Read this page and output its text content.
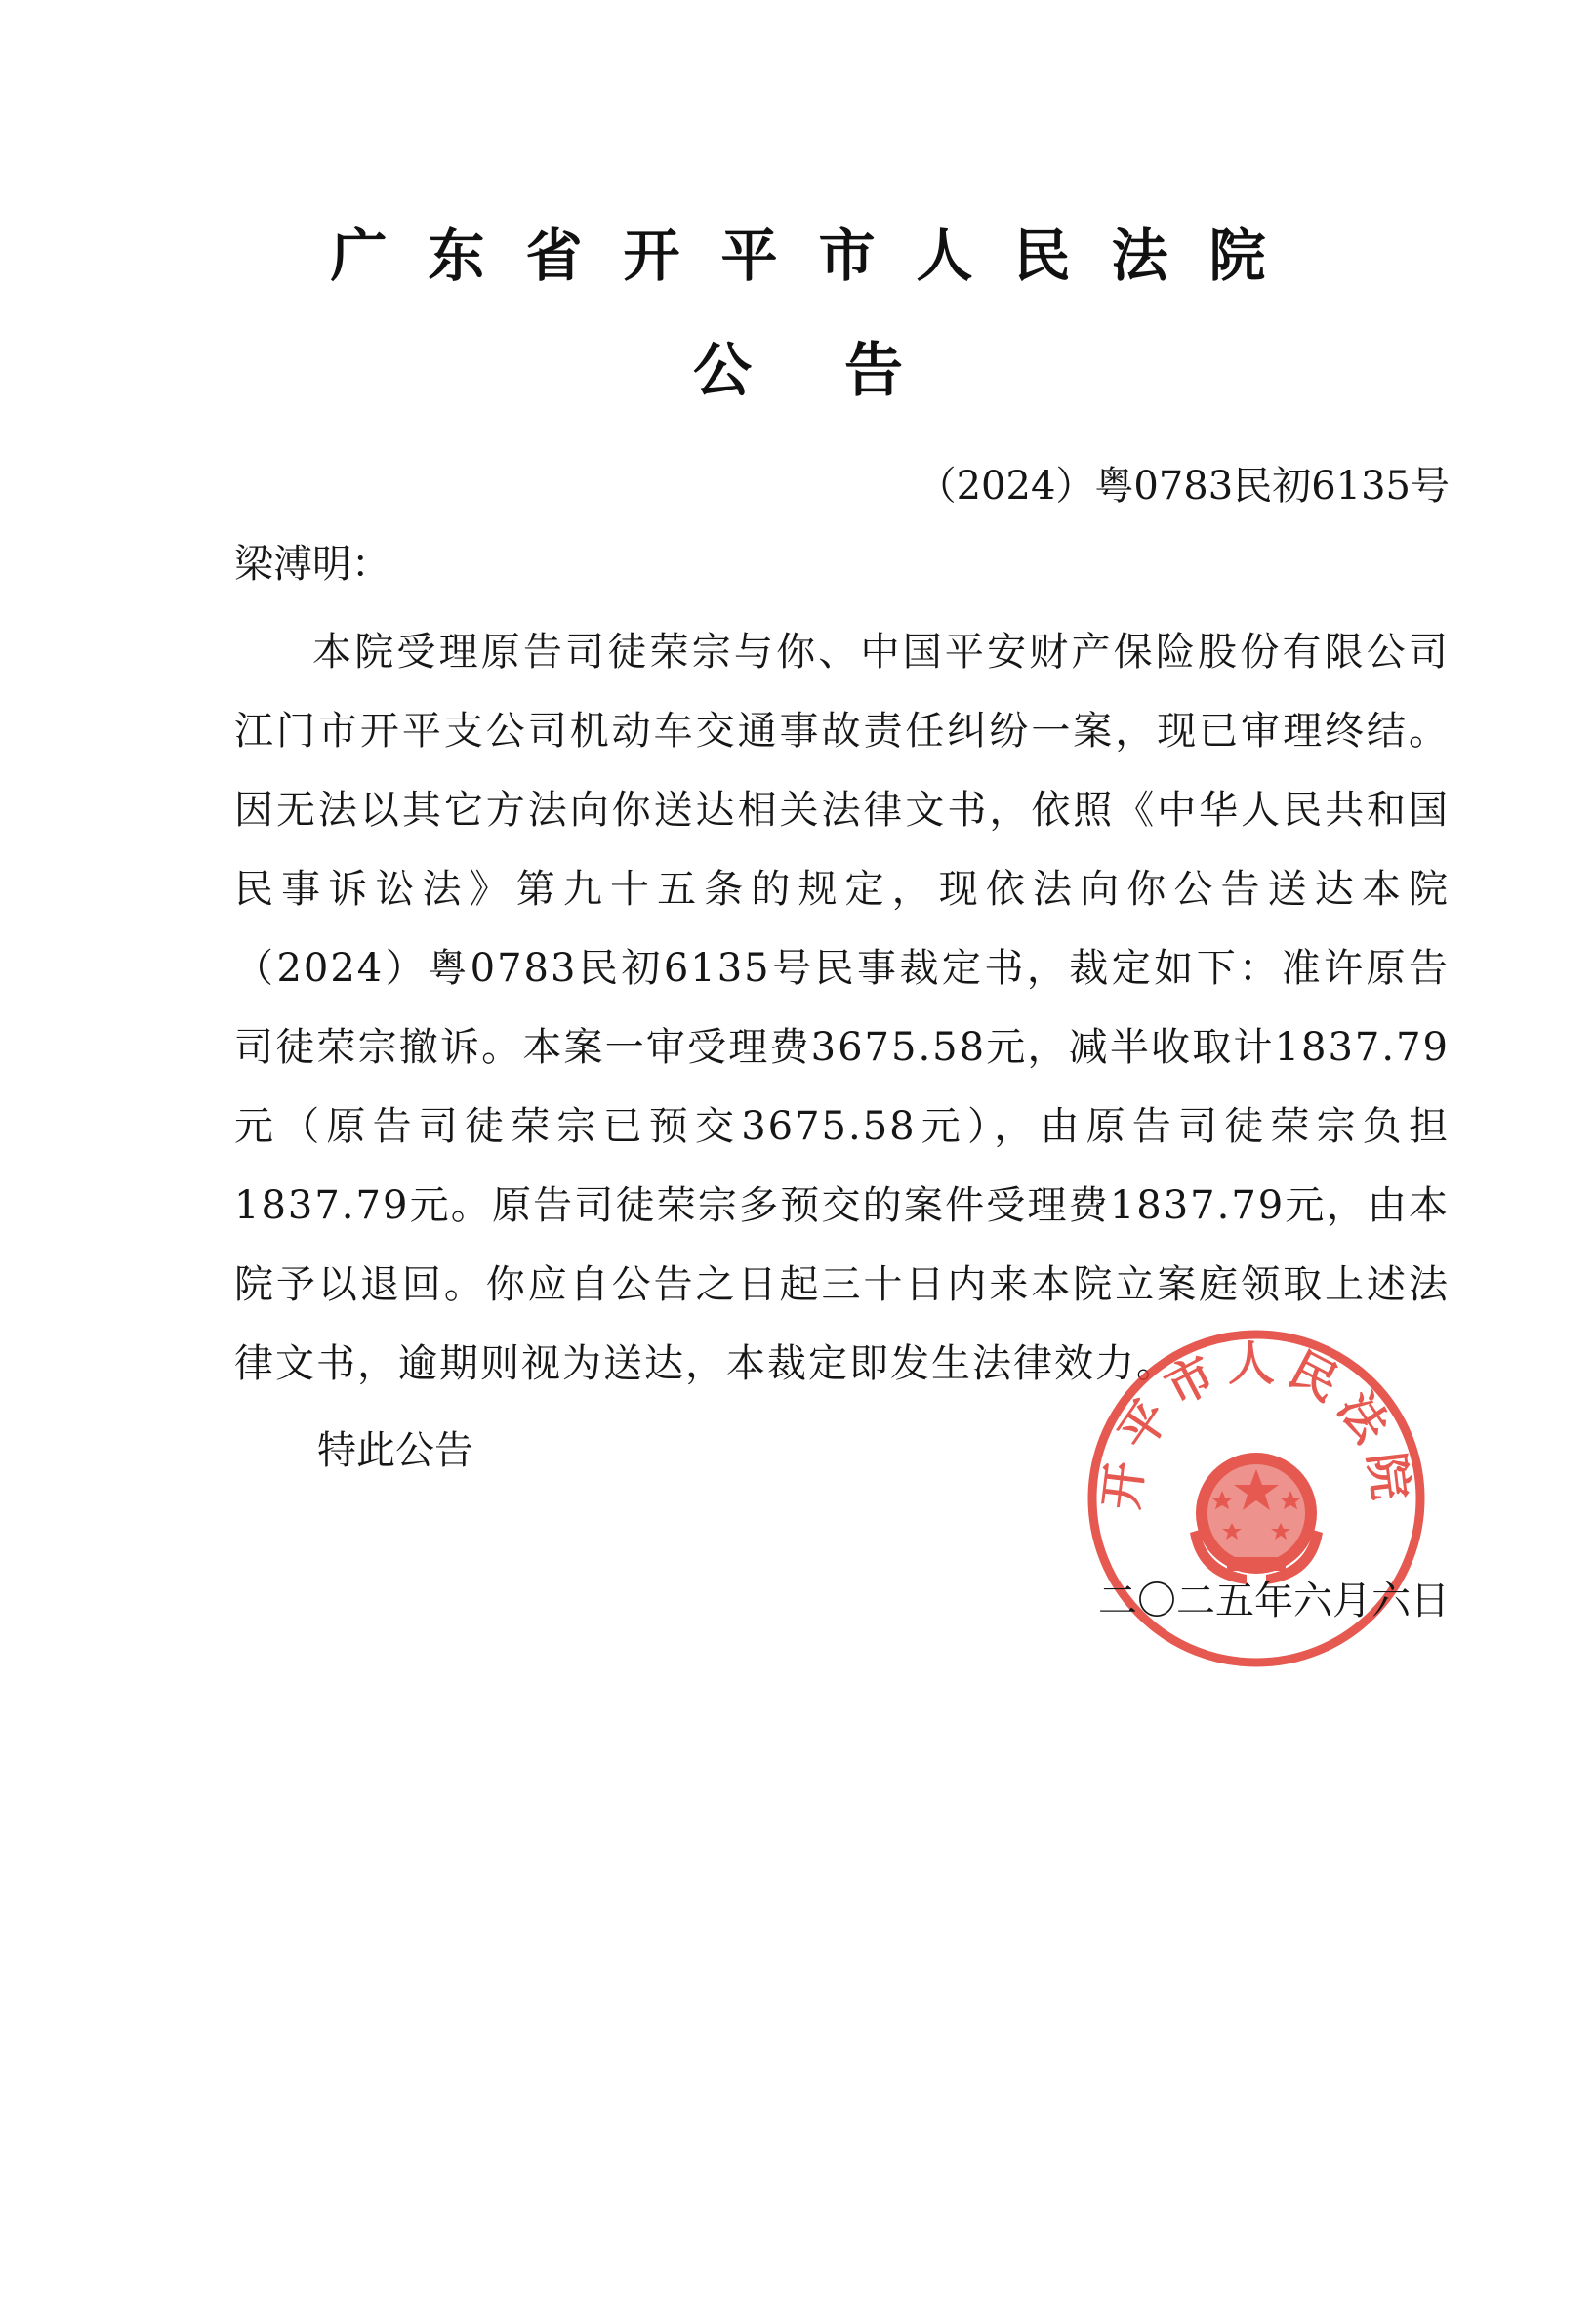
广东省开平市人民法院
公告
（2024）粤0783民初6135号
梁溥明：
本院受理原告司徒荣宗与你、中国平安财产保险股份有限公司江门市开平支公司机动车交通事故责任纠纷一案，现已审理终结。因无法以其它方法向你送达相关法律文书，依照《中华人民共和国民事诉讼法》第九十五条的规定，现依法向你公告送达本院（2024）粤0783民初6135号民事裁定书，裁定如下：准许原告司徒荣宗撤诉。本案一审受理费3675.58元，减半收取计1837.79元（原告司徒荣宗已预交3675.58元），由原告司徒荣宗负担1837.79元。原告司徒荣宗多预交的案件受理费1837.79元，由本院予以退回。你应自公告之日起三十日内来本院立案庭领取上述法律文书，逾期则视为送达，本裁定即发生法律效力。
特此公告	开平市人民法院
二〇二五年六月六日
